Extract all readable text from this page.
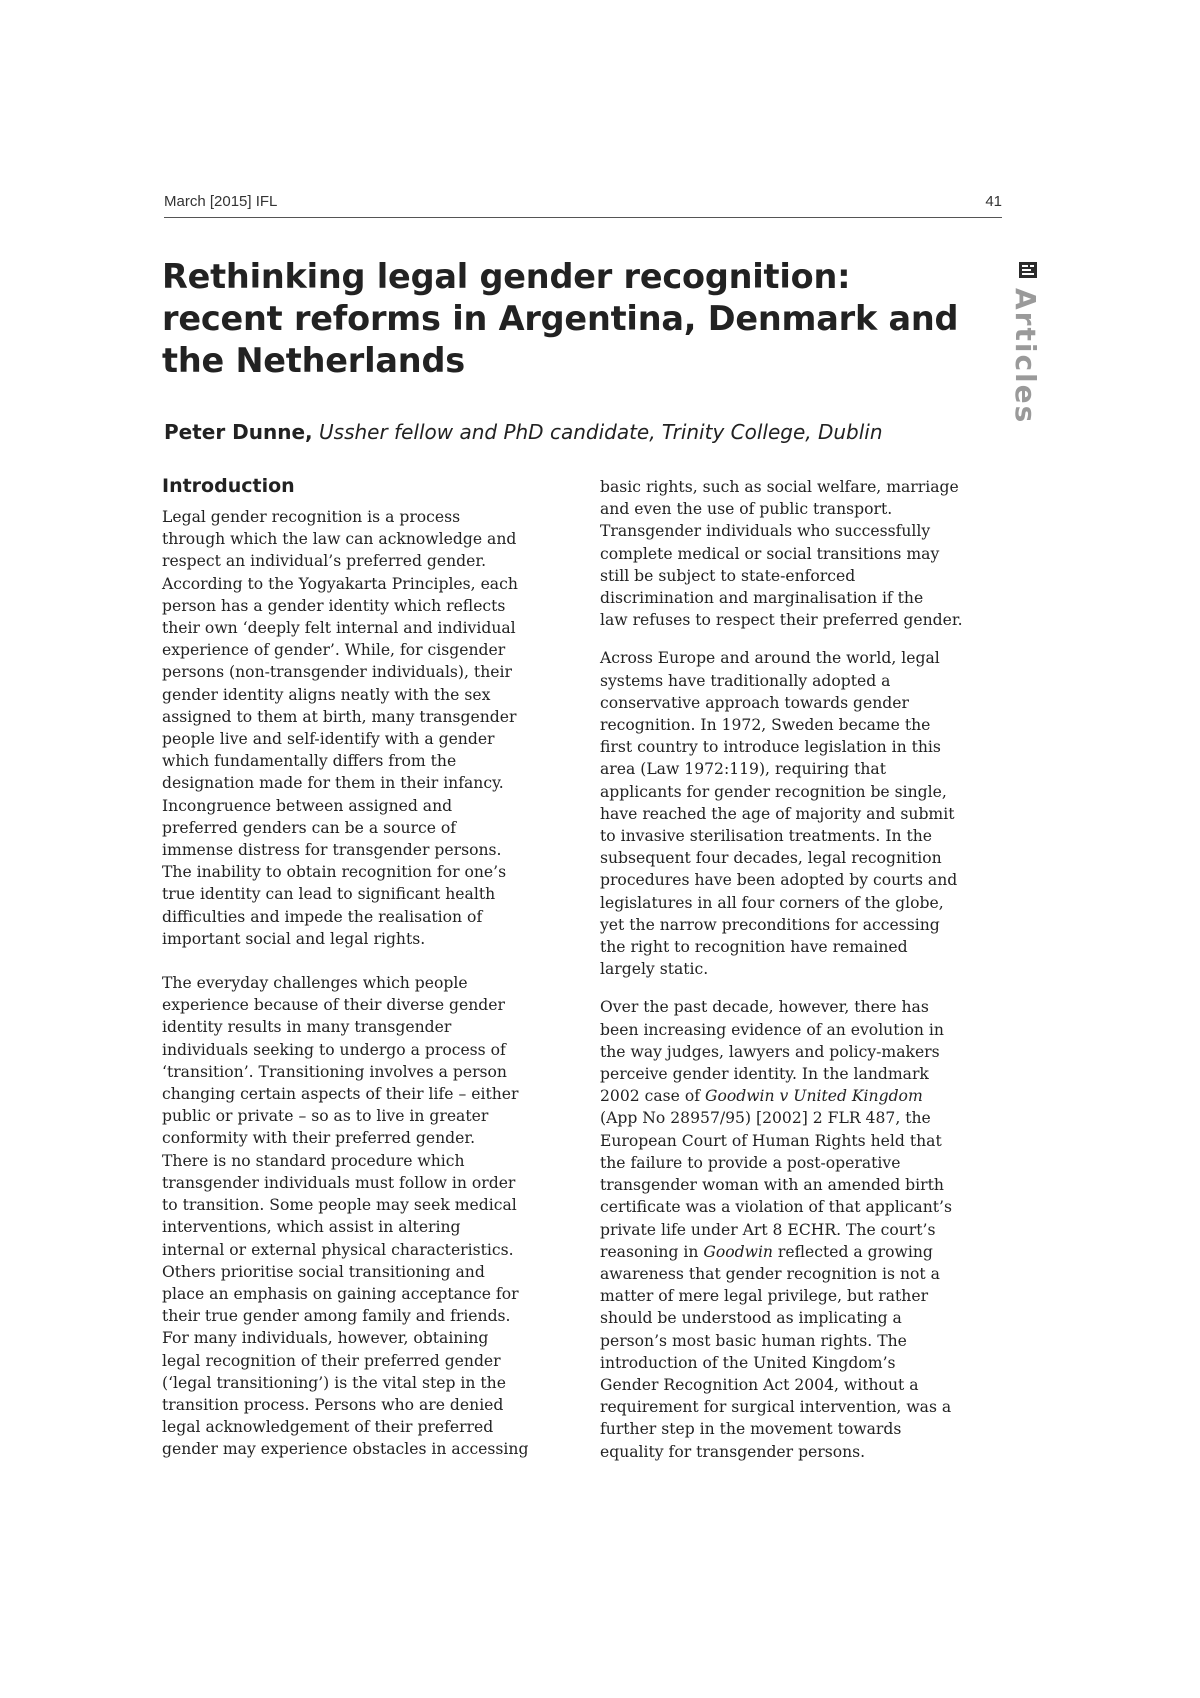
March [2015] IFL	41
Rethinking legal gender recognition:
recent reforms in Argentina, Denmark and
the Netherlands
Peter Dunne, Ussher fellow and PhD candidate, Trinity College, Dublin
Articles
Introduction

Legal gender recognition is a process
through which the law can acknowledge and
respect an individual’s preferred gender.
According to the Yogyakarta Principles, each
person has a gender identity which reflects
their own ‘deeply felt internal and individual
experience of gender’. While, for cisgender
persons (non-transgender individuals), their
gender identity aligns neatly with the sex
assigned to them at birth, many transgender
people live and self-identify with a gender
which fundamentally differs from the
designation made for them in their infancy.
Incongruence between assigned and
preferred genders can be a source of
immense distress for transgender persons.
The inability to obtain recognition for one’s
true identity can lead to significant health
difficulties and impede the realisation of
important social and legal rights.

The everyday challenges which people
experience because of their diverse gender
identity results in many transgender
individuals seeking to undergo a process of
‘transition’. Transitioning involves a person
changing certain aspects of their life – either
public or private – so as to live in greater
conformity with their preferred gender.
There is no standard procedure which
transgender individuals must follow in order
to transition. Some people may seek medical
interventions, which assist in altering
internal or external physical characteristics.
Others prioritise social transitioning and
place an emphasis on gaining acceptance for
their true gender among family and friends.
For many individuals, however, obtaining
legal recognition of their preferred gender
(‘legal transitioning’) is the vital step in the
transition process. Persons who are denied
legal acknowledgement of their preferred
gender may experience obstacles in accessing

basic rights, such as social welfare, marriage
and even the use of public transport.
Transgender individuals who successfully
complete medical or social transitions may
still be subject to state-enforced
discrimination and marginalisation if the
law refuses to respect their preferred gender.

Across Europe and around the world, legal
systems have traditionally adopted a
conservative approach towards gender
recognition. In 1972, Sweden became the
first country to introduce legislation in this
area (Law 1972:119), requiring that
applicants for gender recognition be single,
have reached the age of majority and submit
to invasive sterilisation treatments. In the
subsequent four decades, legal recognition
procedures have been adopted by courts and
legislatures in all four corners of the globe,
yet the narrow preconditions for accessing
the right to recognition have remained
largely static.

Over the past decade, however, there has
been increasing evidence of an evolution in
the way judges, lawyers and policy-makers
perceive gender identity. In the landmark
2002 case of Goodwin v United Kingdom
(App No 28957/95) [2002] 2 FLR 487, the
European Court of Human Rights held that
the failure to provide a post-operative
transgender woman with an amended birth
certificate was a violation of that applicant’s
private life under Art 8 ECHR. The court’s
reasoning in Goodwin reflected a growing
awareness that gender recognition is not a
matter of mere legal privilege, but rather
should be understood as implicating a
person’s most basic human rights. The
introduction of the United Kingdom’s
Gender Recognition Act 2004, without a
requirement for surgical intervention, was a
further step in the movement towards
equality for transgender persons.
